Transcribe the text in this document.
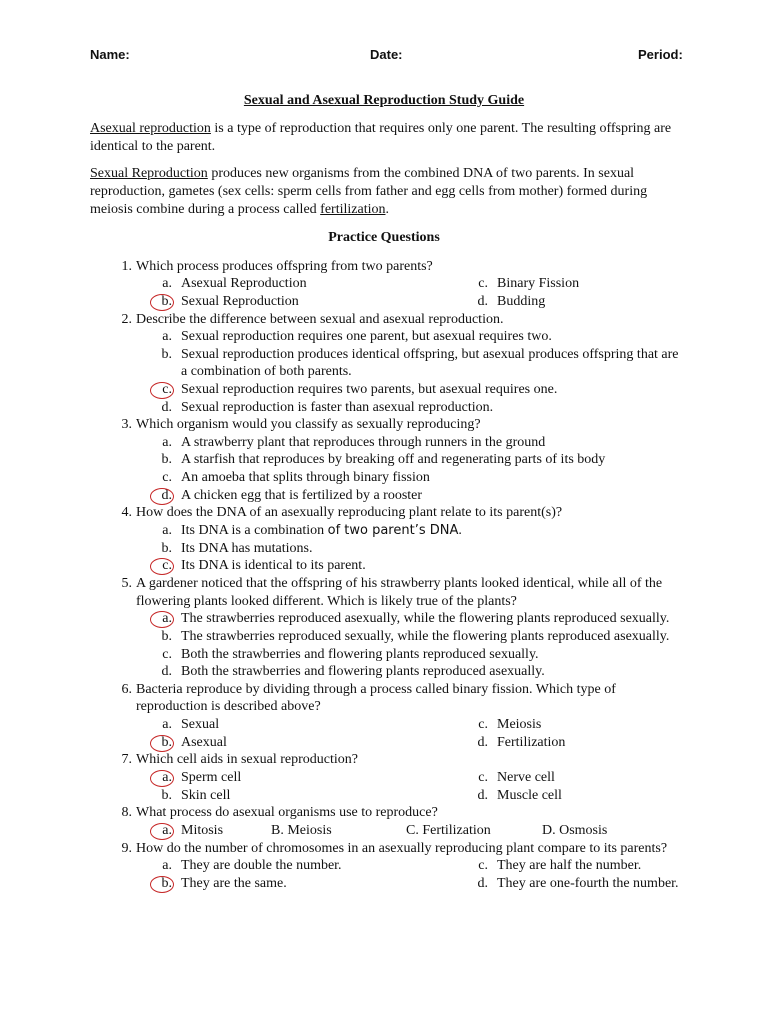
Name:	Date:	Period:
Sexual and Asexual Reproduction Study Guide
Asexual reproduction is a type of reproduction that requires only one parent. The resulting offspring are
identical to the parent.
Sexual Reproduction produces new organisms from the combined DNA of two parents. In sexual
reproduction, gametes (sex cells: sperm cells from father and egg cells from mother) formed during
meiosis combine during a process called fertilization.
Practice Questions
1. Which process produces offspring from two parents?
a. Asexual Reproduction	c. Binary Fission
b. Sexual Reproduction	d. Budding
2. Describe the difference between sexual and asexual reproduction.
a. Sexual reproduction requires one parent, but asexual requires two.
b. Sexual reproduction produces identical offspring, but asexual produces offspring that are
a combination of both parents.
c. Sexual reproduction requires two parents, but asexual requires one.
d. Sexual reproduction is faster than asexual reproduction.
3. Which organism would you classify as sexually reproducing?
a. A strawberry plant that reproduces through runners in the ground
b. A starfish that reproduces by breaking off and regenerating parts of its body
c. An amoeba that splits through binary fission
d. A chicken egg that is fertilized by a rooster
4. How does the DNA of an asexually reproducing plant relate to its parent(s)?
a. Its DNA is a combination of two parent’s DNA.
b. Its DNA has mutations.
c. Its DNA is identical to its parent.
5. A gardener noticed that the offspring of his strawberry plants looked identical, while all of the
flowering plants looked different. Which is likely true of the plants?
a. The strawberries reproduced asexually, while the flowering plants reproduced sexually.
b. The strawberries reproduced sexually, while the flowering plants reproduced asexually.
c. Both the strawberries and flowering plants reproduced sexually.
d. Both the strawberries and flowering plants reproduced asexually.
6. Bacteria reproduce by dividing through a process called binary fission. Which type of
reproduction is described above?
a. Sexual	c. Meiosis
b. Asexual	d. Fertilization
7. Which cell aids in sexual reproduction?
a. Sperm cell	c. Nerve cell
b. Skin cell	d. Muscle cell
8. What process do asexual organisms use to reproduce?
a. Mitosis	B. Meiosis	C. Fertilization	D. Osmosis
9. How do the number of chromosomes in an asexually reproducing plant compare to its parents?
a. They are double the number.	c. They are half the number.
b. They are the same.	d. They are one-fourth the number.
